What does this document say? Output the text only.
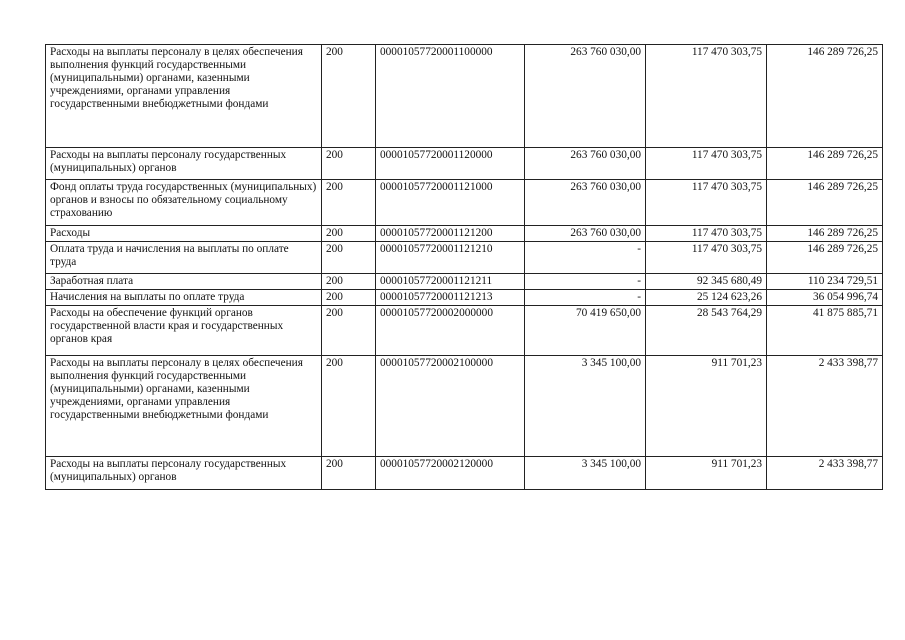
Расходы на выплаты персоналу в целях обеспечения выполнения функций государственными (муниципальными) органами, казенными учреждениями, органами управления государственными внебюджетными фондами	200	00001057720001100000	263 760 030,00	117 470 303,75	146 289 726,25
Расходы на выплаты персоналу государственных (муниципальных) органов	200	00001057720001120000	263 760 030,00	117 470 303,75	146 289 726,25
Фонд оплаты труда государственных (муниципальных) органов и взносы по обязательному социальному страхованию	200	00001057720001121000	263 760 030,00	117 470 303,75	146 289 726,25
Расходы	200	00001057720001121200	263 760 030,00	117 470 303,75	146 289 726,25
Оплата труда и начисления на выплаты по оплате труда	200	00001057720001121210	-	117 470 303,75	146 289 726,25
Заработная плата	200	00001057720001121211	-	92 345 680,49	110 234 729,51
Начисления на выплаты по оплате труда	200	00001057720001121213	-	25 124 623,26	36 054 996,74
Расходы на обеспечение функций органов государственной власти края и государственных органов края	200	00001057720002000000	70 419 650,00	28 543 764,29	41 875 885,71
Расходы на выплаты персоналу в целях обеспечения выполнения функций государственными (муниципальными) органами, казенными учреждениями, органами управления государственными внебюджетными фондами	200	00001057720002100000	3 345 100,00	911 701,23	2 433 398,77
Расходы на выплаты персоналу государственных (муниципальных) органов	200	00001057720002120000	3 345 100,00	911 701,23	2 433 398,77
